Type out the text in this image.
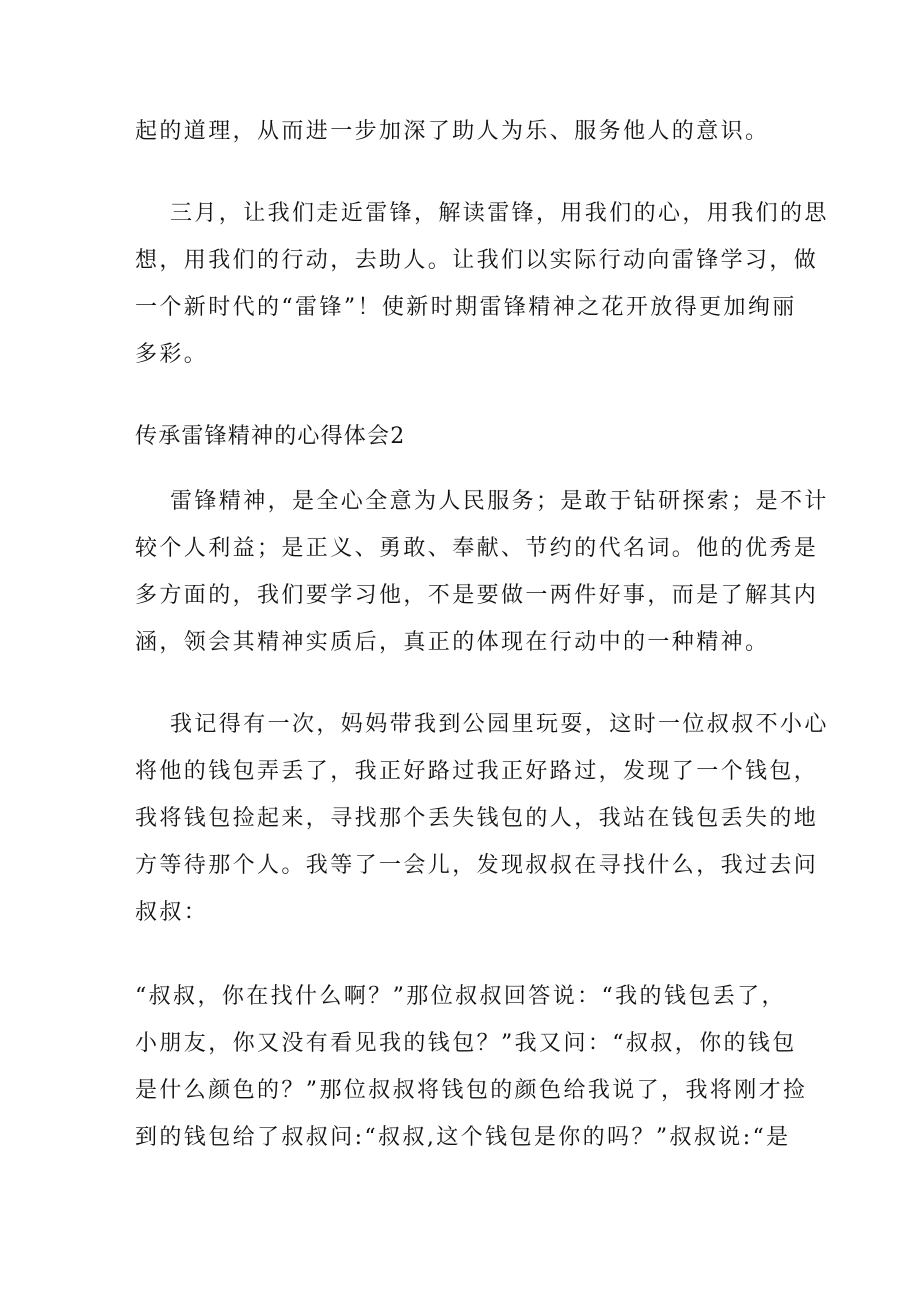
起的道理，从而进一步加深了助人为乐、服务他人的意识。

三月，让我们走近雷锋，解读雷锋，用我们的心，用我们的思

想，用我们的行动，去助人。让我们以实际行动向雷锋学习，做

一个新时代的“雷锋”！使新时期雷锋精神之花开放得更加绚丽

多彩。

传承雷锋精神的心得体会2

雷锋精神，是全心全意为人民服务；是敢于钻研探索；是不计

较个人利益；是正义、勇敢、奉献、节约的代名词。他的优秀是

多方面的，我们要学习他，不是要做一两件好事，而是了解其内

涵，领会其精神实质后，真正的体现在行动中的一种精神。

我记得有一次，妈妈带我到公园里玩耍，这时一位叔叔不小心

将他的钱包弄丢了，我正好路过我正好路过，发现了一个钱包，

我将钱包捡起来，寻找那个丢失钱包的人，我站在钱包丢失的地

方等待那个人。我等了一会儿，发现叔叔在寻找什么，我过去问

叔叔：

“叔叔，你在找什么啊？”那位叔叔回答说：“我的钱包丢了，

小朋友，你又没有看见我的钱包？”我又问：“叔叔，你的钱包

是什么颜色的？”那位叔叔将钱包的颜色给我说了，我将刚才捡

到的钱包给了叔叔问:“叔叔,这个钱包是你的吗？”叔叔说:“是
